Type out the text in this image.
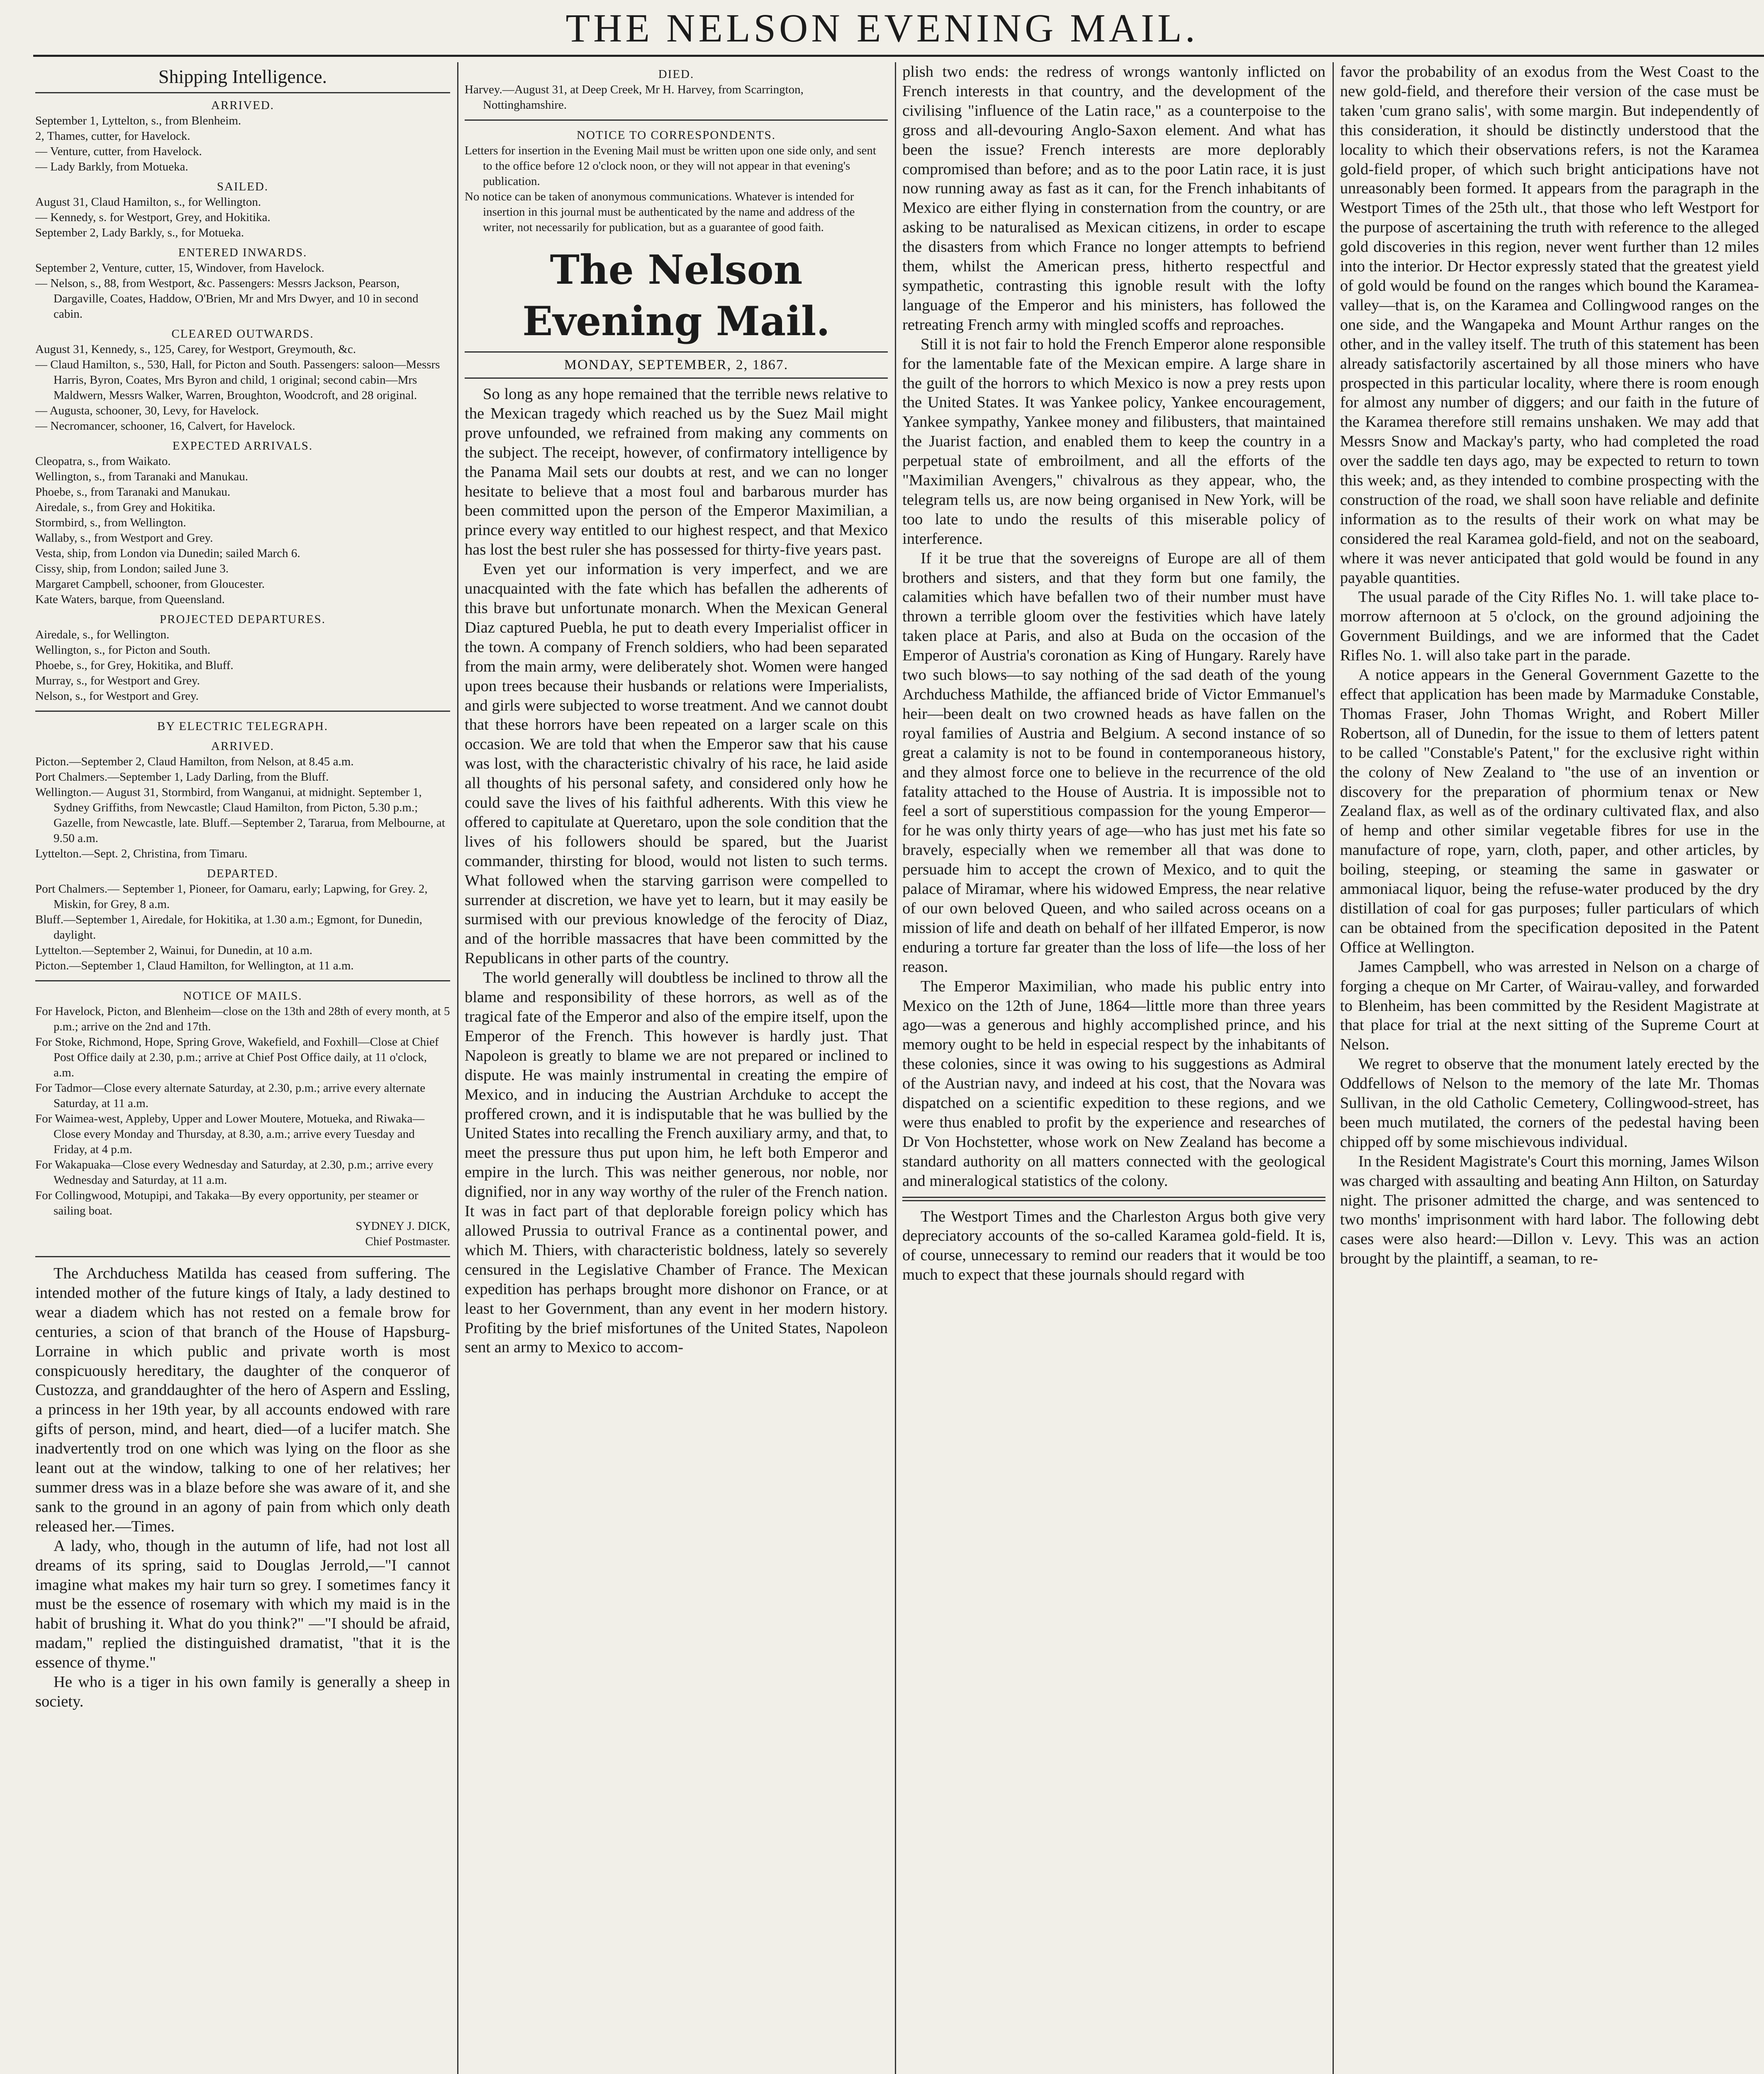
THE NELSON EVENING MAIL.
Shipping Intelligence.
ARRIVED.

September 1, Lyttelton, s., from Blenheim.

2, Thames, cutter, for Havelock.

— Venture, cutter, from Havelock.

— Lady Barkly, from Motueka.

SAILED.

August 31, Claud Hamilton, s., for Wellington.

— Kennedy, s. for Westport, Grey, and Hokitika.

September 2, Lady Barkly, s., for Motueka.

ENTERED INWARDS.

September 2, Venture, cutter, 15, Windover, from Havelock.

— Nelson, s., 88, from Westport, &c. Passengers: Messrs Jackson, Pearson, Dargaville, Coates, Haddow, O'Brien, Mr and Mrs Dwyer, and 10 in second cabin.

CLEARED OUTWARDS.

August 31, Kennedy, s., 125, Carey, for Westport, Greymouth, &c.

— Claud Hamilton, s., 530, Hall, for Picton and South. Passengers: saloon—Messrs Harris, Byron, Coates, Mrs Byron and child, 1 original; second cabin—Mrs Maldwern, Messrs Walker, Warren, Broughton, Woodcroft, and 28 original.

— Augusta, schooner, 30, Levy, for Havelock.

— Necromancer, schooner, 16, Calvert, for Havelock.

EXPECTED ARRIVALS.

Cleopatra, s., from Waikato.

Wellington, s., from Taranaki and Manukau.

Phoebe, s., from Taranaki and Manukau.

Airedale, s., from Grey and Hokitika.

Stormbird, s., from Wellington.

Wallaby, s., from Westport and Grey.

Vesta, ship, from London via Dunedin; sailed March 6.

Cissy, ship, from London; sailed June 3.

Margaret Campbell, schooner, from Gloucester.

Kate Waters, barque, from Queensland.

PROJECTED DEPARTURES.

Airedale, s., for Wellington.

Wellington, s., for Picton and South.

Phoebe, s., for Grey, Hokitika, and Bluff.

Murray, s., for Westport and Grey.

Nelson, s., for Westport and Grey.

BY ELECTRIC TELEGRAPH.
ARRIVED.

Picton.—September 2, Claud Hamilton, from Nelson, at 8.45 a.m.

Port Chalmers.—September 1, Lady Darling, from the Bluff.

Wellington.— August 31, Stormbird, from Wanganui, at midnight. September 1, Sydney Griffiths, from Newcastle; Claud Hamilton, from Picton, 5.30 p.m.; Gazelle, from Newcastle, late. Bluff.—September 2, Tararua, from Melbourne, at 9.50 a.m.

Lyttelton.—Sept. 2, Christina, from Timaru.

DEPARTED.

Port Chalmers.— September 1, Pioneer, for Oamaru, early; Lapwing, for Grey. 2, Miskin, for Grey, 8 a.m.

Bluff.—September 1, Airedale, for Hokitika, at 1.30 a.m.; Egmont, for Dunedin, daylight.

Lyttelton.—September 2, Wainui, for Dunedin, at 10 a.m.

Picton.—September 1, Claud Hamilton, for Wellington, at 11 a.m.

NOTICE OF MAILS.

For Havelock, Picton, and Blenheim—close on the 13th and 28th of every month, at 5 p.m.; arrive on the 2nd and 17th.

For Stoke, Richmond, Hope, Spring Grove, Wakefield, and Foxhill—Close at Chief Post Office daily at 2.30, p.m.; arrive at Chief Post Office daily, at 11 o'clock, a.m.

For Tadmor—Close every alternate Saturday, at 2.30, p.m.; arrive every alternate Saturday, at 11 a.m.

For Waimea-west, Appleby, Upper and Lower Moutere, Motueka, and Riwaka—Close every Monday and Thursday, at 8.30, a.m.; arrive every Tuesday and Friday, at 4 p.m.

For Wakapuaka—Close every Wednesday and Saturday, at 2.30, p.m.; arrive every Wednesday and Saturday, at 11 a.m.

For Collingwood, Motupipi, and Takaka—By every opportunity, per steamer or sailing boat.

SYDNEY J. DICK,

Chief Postmaster.

The Archduchess Matilda has ceased from suffering. The intended mother of the future kings of Italy, a lady destined to wear a diadem which has not rested on a female brow for centuries, a scion of that branch of the House of Hapsburg-Lorraine in which public and private worth is most conspicuously hereditary, the daughter of the conqueror of Custozza, and granddaughter of the hero of Aspern and Essling, a princess in her 19th year, by all accounts endowed with rare gifts of person, mind, and heart, died—of a lucifer match. She inadvertently trod on one which was lying on the floor as she leant out at the window, talking to one of her relatives; her summer dress was in a blaze before she was aware of it, and she sank to the ground in an agony of pain from which only death released her.—Times.

A lady, who, though in the autumn of life, had not lost all dreams of its spring, said to Douglas Jerrold,—"I cannot imagine what makes my hair turn so grey. I sometimes fancy it must be the essence of rosemary with which my maid is in the habit of brushing it. What do you think?" —"I should be afraid, madam," replied the distinguished dramatist, "that it is the essence of thyme."

He who is a tiger in his own family is generally a sheep in society.

DIED.

Harvey.—August 31, at Deep Creek, Mr H. Harvey, from Scarrington, Nottinghamshire.

NOTICE TO CORRESPONDENTS.

Letters for insertion in the Evening Mail must be written upon one side only, and sent to the office before 12 o'clock noon, or they will not appear in that evening's publication.

No notice can be taken of anonymous communications. Whatever is intended for insertion in this journal must be authenticated by the name and address of the writer, not necessarily for publication, but as a guarantee of good faith.

The Nelson Evening Mail.
MONDAY, SEPTEMBER, 2, 1867.

So long as any hope remained that the terrible news relative to the Mexican tragedy which reached us by the Suez Mail might prove unfounded, we refrained from making any comments on the subject. The receipt, however, of confirmatory intelligence by the Panama Mail sets our doubts at rest, and we can no longer hesitate to believe that a most foul and barbarous murder has been committed upon the person of the Emperor Maximilian, a prince every way entitled to our highest respect, and that Mexico has lost the best ruler she has possessed for thirty-five years past.

Even yet our information is very imperfect, and we are unacquainted with the fate which has befallen the adherents of this brave but unfortunate monarch. When the Mexican General Diaz captured Puebla, he put to death every Imperialist officer in the town. A company of French soldiers, who had been separated from the main army, were deliberately shot. Women were hanged upon trees because their husbands or relations were Imperialists, and girls were subjected to worse treatment. And we cannot doubt that these horrors have been repeated on a larger scale on this occasion. We are told that when the Emperor saw that his cause was lost, with the characteristic chivalry of his race, he laid aside all thoughts of his personal safety, and considered only how he could save the lives of his faithful adherents. With this view he offered to capitulate at Queretaro, upon the sole condition that the lives of his followers should be spared, but the Juarist commander, thirsting for blood, would not listen to such terms. What followed when the starving garrison were compelled to surrender at discretion, we have yet to learn, but it may easily be surmised with our previous knowledge of the ferocity of Diaz, and of the horrible massacres that have been committed by the Republicans in other parts of the country.

The world generally will doubtless be inclined to throw all the blame and responsibility of these horrors, as well as of the tragical fate of the Emperor and also of the empire itself, upon the Emperor of the French. This however is hardly just. That Napoleon is greatly to blame we are not prepared or inclined to dispute. He was mainly instrumental in creating the empire of Mexico, and in inducing the Austrian Archduke to accept the proffered crown, and it is indisputable that he was bullied by the United States into recalling the French auxiliary army, and that, to meet the pressure thus put upon him, he left both Emperor and empire in the lurch. This was neither generous, nor noble, nor dignified, nor in any way worthy of the ruler of the French nation. It was in fact part of that deplorable foreign policy which has allowed Prussia to outrival France as a continental power, and which M. Thiers, with characteristic boldness, lately so severely censured in the Legislative Chamber of France. The Mexican expedition has perhaps brought more dishonor on France, or at least to her Government, than any event in her modern history. Profiting by the brief misfortunes of the United States, Napoleon sent an army to Mexico to accom-

plish two ends: the redress of wrongs wantonly inflicted on French interests in that country, and the development of the civilising "influence of the Latin race," as a counterpoise to the gross and all-devouring Anglo-Saxon element. And what has been the issue? French interests are more deplorably compromised than before; and as to the poor Latin race, it is just now running away as fast as it can, for the French inhabitants of Mexico are either flying in consternation from the country, or are asking to be naturalised as Mexican citizens, in order to escape the disasters from which France no longer attempts to befriend them, whilst the American press, hitherto respectful and sympathetic, contrasting this ignoble result with the lofty language of the Emperor and his ministers, has followed the retreating French army with mingled scoffs and reproaches.

Still it is not fair to hold the French Emperor alone responsible for the lamentable fate of the Mexican empire. A large share in the guilt of the horrors to which Mexico is now a prey rests upon the United States. It was Yankee policy, Yankee encouragement, Yankee sympathy, Yankee money and filibusters, that maintained the Juarist faction, and enabled them to keep the country in a perpetual state of embroilment, and all the efforts of the "Maximilian Avengers," chivalrous as they appear, who, the telegram tells us, are now being organised in New York, will be too late to undo the results of this miserable policy of interference.

If it be true that the sovereigns of Europe are all of them brothers and sisters, and that they form but one family, the calamities which have befallen two of their number must have thrown a terrible gloom over the festivities which have lately taken place at Paris, and also at Buda on the occasion of the Emperor of Austria's coronation as King of Hungary. Rarely have two such blows—to say nothing of the sad death of the young Archduchess Mathilde, the affianced bride of Victor Emmanuel's heir—been dealt on two crowned heads as have fallen on the royal families of Austria and Belgium. A second instance of so great a calamity is not to be found in contemporaneous history, and they almost force one to believe in the recurrence of the old fatality attached to the House of Austria. It is impossible not to feel a sort of superstitious compassion for the young Emperor—for he was only thirty years of age—who has just met his fate so bravely, especially when we remember all that was done to persuade him to accept the crown of Mexico, and to quit the palace of Miramar, where his widowed Empress, the near relative of our own beloved Queen, and who sailed across oceans on a mission of life and death on behalf of her illfated Emperor, is now enduring a torture far greater than the loss of life—the loss of her reason.

The Emperor Maximilian, who made his public entry into Mexico on the 12th of June, 1864—little more than three years ago—was a generous and highly accomplished prince, and his memory ought to be held in especial respect by the inhabitants of these colonies, since it was owing to his suggestions as Admiral of the Austrian navy, and indeed at his cost, that the Novara was dispatched on a scientific expedition to these regions, and we were thus enabled to profit by the experience and researches of Dr Von Hochstetter, whose work on New Zealand has become a standard authority on all matters connected with the geological and mineralogical statistics of the colony.

The Westport Times and the Charleston Argus both give very depreciatory accounts of the so-called Karamea gold-field. It is, of course, unnecessary to remind our readers that it would be too much to expect that these journals should regard with

favor the probability of an exodus from the West Coast to the new gold-field, and therefore their version of the case must be taken 'cum grano salis', with some margin. But independently of this consideration, it should be distinctly understood that the locality to which their observations refers, is not the Karamea gold-field proper, of which such bright anticipations have not unreasonably been formed. It appears from the paragraph in the Westport Times of the 25th ult., that those who left Westport for the purpose of ascertaining the truth with reference to the alleged gold discoveries in this region, never went further than 12 miles into the interior. Dr Hector expressly stated that the greatest yield of gold would be found on the ranges which bound the Karamea-valley—that is, on the Karamea and Collingwood ranges on the one side, and the Wangapeka and Mount Arthur ranges on the other, and in the valley itself. The truth of this statement has been already satisfactorily ascertained by all those miners who have prospected in this particular locality, where there is room enough for almost any number of diggers; and our faith in the future of the Karamea therefore still remains unshaken. We may add that Messrs Snow and Mackay's party, who had completed the road over the saddle ten days ago, may be expected to return to town this week; and, as they intended to combine prospecting with the construction of the road, we shall soon have reliable and definite information as to the results of their work on what may be considered the real Karamea gold-field, and not on the seaboard, where it was never anticipated that gold would be found in any payable quantities.

The usual parade of the City Rifles No. 1. will take place to-morrow afternoon at 5 o'clock, on the ground adjoining the Government Buildings, and we are informed that the Cadet Rifles No. 1. will also take part in the parade.

A notice appears in the General Government Gazette to the effect that application has been made by Marmaduke Constable, Thomas Fraser, John Thomas Wright, and Robert Miller Robertson, all of Dunedin, for the issue to them of letters patent to be called "Constable's Patent," for the exclusive right within the colony of New Zealand to "the use of an invention or discovery for the preparation of phormium tenax or New Zealand flax, as well as of the ordinary cultivated flax, and also of hemp and other similar vegetable fibres for use in the manufacture of rope, yarn, cloth, paper, and other articles, by boiling, steeping, or steaming the same in gaswater or ammoniacal liquor, being the refuse-water produced by the dry distillation of coal for gas purposes; fuller particulars of which can be obtained from the specification deposited in the Patent Office at Wellington.

James Campbell, who was arrested in Nelson on a charge of forging a cheque on Mr Carter, of Wairau-valley, and forwarded to Blenheim, has been committed by the Resident Magistrate at that place for trial at the next sitting of the Supreme Court at Nelson.

We regret to observe that the monument lately erected by the Oddfellows of Nelson to the memory of the late Mr. Thomas Sullivan, in the old Catholic Cemetery, Collingwood-street, has been much mutilated, the corners of the pedestal having been chipped off by some mischievous individual.

In the Resident Magistrate's Court this morning, James Wilson was charged with assaulting and beating Ann Hilton, on Saturday night. The prisoner admitted the charge, and was sentenced to two months' imprisonment with hard labor. The following debt cases were also heard:—Dillon v. Levy. This was an action brought by the plaintiff, a seaman, to re-
